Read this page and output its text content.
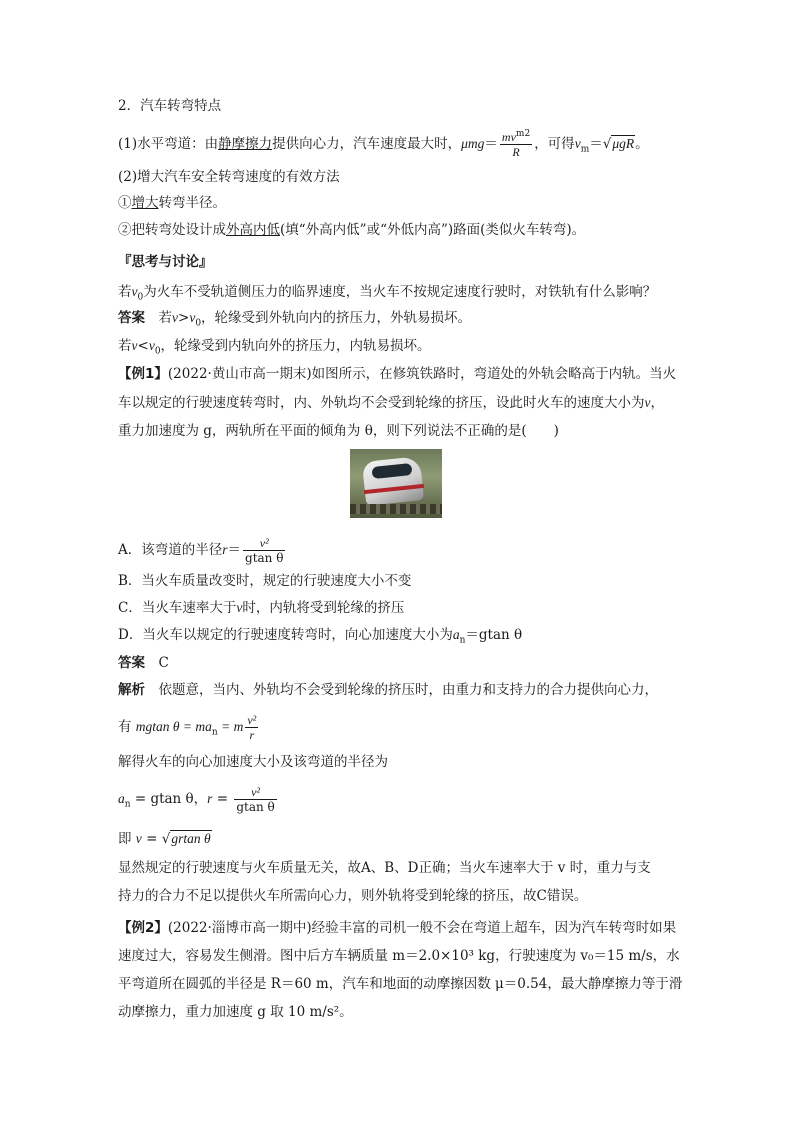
2．汽车转弯特点
(1)水平弯道：由静摩擦力提供向心力，汽车速度最大时，$\mu mg= \frac{mv^{m2}}{R}$ ，可得$v_m=√\mu gR$。
(2)增大汽车安全转弯速度的有效方法
①增大转弯半径。
②把转弯处设计成外高内低(填“外高内低”或“外低内高”)路面(类似火车转弯)。
『思考与讨论』
若$v_0$为火车不受轨道侧压力的临界速度，当火车不按规定速度行驶时，对铁轨有什么影响？
答案　 若$v>v_0$，轮缘受到外轨向内的挤压力，外轨易损坏。
若$v<v_0$，轮缘受到内轨向外的挤压力，内轨易损坏。
【例1】(2022·黄山市高一期末)如图所示，在修筑铁路时，弯道处的外轨会略高于内轨。当火
车以规定的行驶速度转弯时，内、外轨均不会受到轮缘的挤压，设此时火车的速度大小为v，
重力加速度为 g，两轨所在平面的倾角为 θ，则下列说法不正确的是(　　)
A．该弯道的半径$r= \frac{\text{v²}}{\text{gtan θ}}$
B．当火车质量改变时，规定的行驶速度大小不变
C．当火车速率大于v时，内轨将受到轮缘的挤压
D．当火车以规定的行驶速度转弯时，向心加速度大小为$a_n=gtan$ θ
答案　 C
解析　 依题意，当内、外轨均不会受到轮缘的挤压时，由重力和支持力的合力提供向心力，
有 mgtan $\theta = ma_n = m \frac{\text{v²}}{r}$
解得火车的向心加速度大小及该弯道的半径为
$a_n = gtan$ θ，$r = \frac{\text{v²}}{\text{gtan θ}}$
即 v = √grtan θ
显然规定的行驶速度与火车质量无关，故A、B、D正确；当火车速率大于 v 时，重力与支
持力的合力不足以提供火车所需向心力，则外轨将受到轮缘的挤压，故C错误。
【例2】(2022·淄博市高一期中)经验丰富的司机一般不会在弯道上超车，因为汽车转弯时如果
速度过大，容易发生侧滑。图中后方车辆质量 m＝2.0×10³ kg，行驶速度为 v₀＝15 m/s，水
平弯道所在圆弧的半径是 R＝60 m，汽车和地面的动摩擦因数 μ＝0.54，最大静摩擦力等于滑
动摩擦力，重力加速度 g 取 10 m/s²。
